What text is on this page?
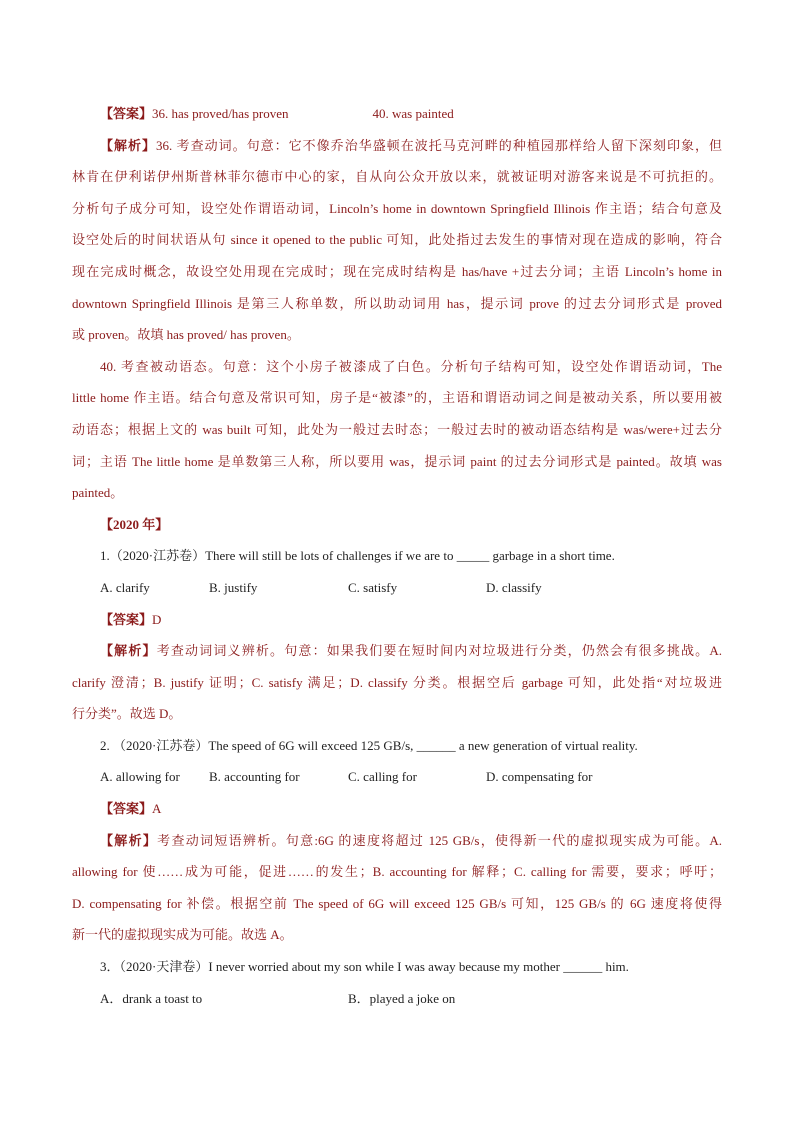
【答案】36. has proved/has proven	40. was painted
【解析】36. 考查动词。句意：它不像乔治华盛顿在波托马克河畔的种植园那样给人留下深刻印象，但
林肯在伊利诺伊州斯普林菲尔德市中心的家，自从向公众开放以来，就被证明对游客来说是不可抗拒的。
分析句子成分可知，设空处作谓语动词，Lincoln’s home in downtown Springfield Illinois 作主语；结合句意及
设空处后的时间状语从句 since it opened to the public 可知，此处指过去发生的事情对现在造成的影响，符合
现在完成时概念，故设空处用现在完成时；现在完成时结构是 has/have +过去分词；主语 Lincoln’s home in
downtown Springfield Illinois 是第三人称单数，所以助动词用 has，提示词 prove 的过去分词形式是 proved
或 proven。故填 has proved/ has proven。
40. 考查被动语态。句意：这个小房子被漆成了白色。分析句子结构可知，设空处作谓语动词，The
little home 作主语。结合句意及常识可知，房子是“被漆”的，主语和谓语动词之间是被动关系，所以要用被
动语态；根据上文的 was built 可知，此处为一般过去时态；一般过去时的被动语态结构是 was/were+过去分
词；主语 The little home 是单数第三人称，所以要用 was，提示词 paint 的过去分词形式是 painted。故填 was
painted。
【2020 年】
1.（2020·江苏卷）There will still be lots of challenges if we are to _____ garbage in a short time.
A. clarify	B. justify	C. satisfy	D. classify
【答案】D
【解析】考查动词词义辨析。句意：如果我们要在短时间内对垃圾进行分类，仍然会有很多挑战。A.
clarify 澄清；B. justify 证明；C. satisfy 满足；D. classify 分类。根据空后 garbage 可知，此处指“对垃圾进
行分类”。故选 D。
2. （2020·江苏卷）The speed of 6G will exceed 125 GB/s, ______ a new generation of virtual reality.
A. allowing for	B. accounting for	C. calling for	D. compensating for
【答案】A
【解析】考查动词短语辨析。句意:6G 的速度将超过 125 GB/s，使得新一代的虚拟现实成为可能。A.
allowing for 使……成为可能，促进……的发生；B. accounting for 解释；C. calling for 需要，要求；呼吁；
D. compensating for 补偿。根据空前 The speed of 6G will exceed 125 GB/s 可知，125 GB/s 的 6G 速度将使得
新一代的虚拟现实成为可能。故选 A。
3．（2020·天津卷）I never worried about my son while I was away because my mother ______ him.
A．drank a toast to	B．played a joke on
